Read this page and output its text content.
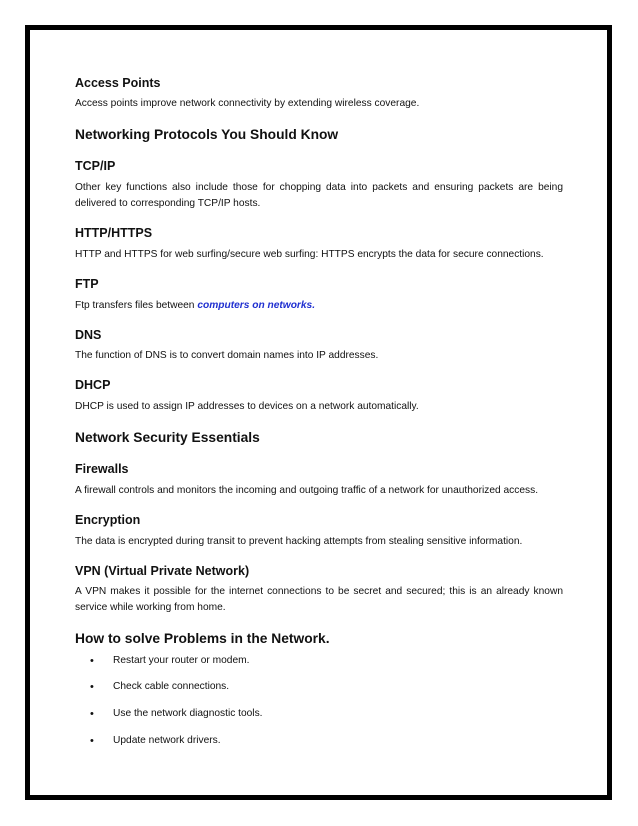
Access Points
Access points improve network connectivity by extending wireless coverage.
Networking Protocols You Should Know
TCP/IP
Other key functions also include those for chopping data into packets and ensuring packets are being delivered to corresponding TCP/IP hosts.
HTTP/HTTPS
HTTP and HTTPS for web surfing/secure web surfing: HTTPS encrypts the data for secure connections.
FTP
Ftp transfers files between computers on networks.
DNS
The function of DNS is to convert domain names into IP addresses.
DHCP
DHCP is used to assign IP addresses to devices on a network automatically.
Network Security Essentials
Firewalls
A firewall controls and monitors the incoming and outgoing traffic of a network for unauthorized access.
Encryption
The data is encrypted during transit to prevent hacking attempts from stealing sensitive information.
VPN (Virtual Private Network)
A VPN makes it possible for the internet connections to be secret and secured; this is an already known service while working from home.
How to solve Problems in the Network.
• Restart your router or modem.
• Check cable connections.
• Use the network diagnostic tools.
• Update network drivers.
